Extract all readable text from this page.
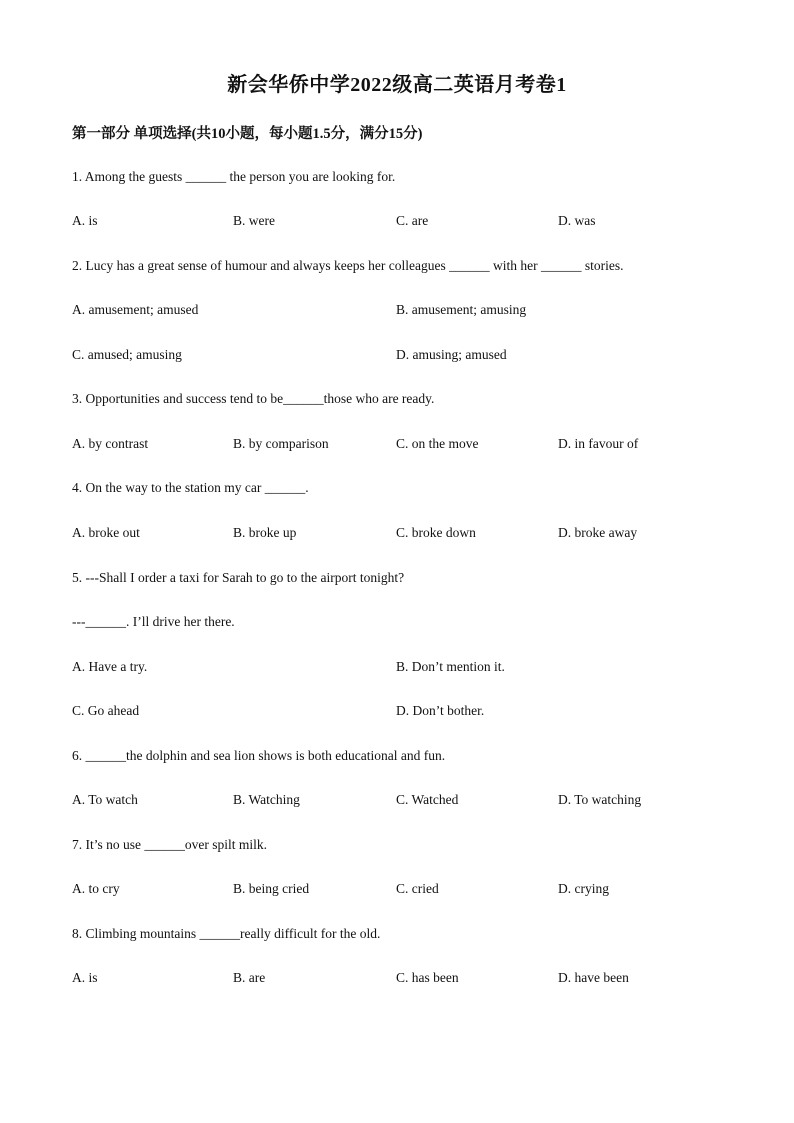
新会华侨中学2022级高二英语月考卷1
第一部分 单项选择(共10小题，每小题1.5分，满分15分)
1. Among the guests ______ the person you are looking for.
A. is	B. were	C. are	D. was
2. Lucy has a great sense of humour and always keeps her colleagues ______ with her ______ stories.
A. amusement; amused	B. amusement; amusing
C. amused; amusing	D. amusing; amused
3. Opportunities and success tend to be______those who are ready.
A. by contrast	B. by comparison	C. on the move	D. in favour of
4. On the way to the station my car ______.
A. broke out	B. broke up	C. broke down	D. broke away
5. ---Shall I order a taxi for Sarah to go to the airport tonight?
---______. I’ll drive her there.
A. Have a try.	B. Don’t mention it.
C. Go ahead	D. Don’t bother.
6. ______the dolphin and sea lion shows is both educational and fun.
A. To watch	B. Watching	C. Watched	D. To watching
7. It’s no use ______over spilt milk.
A. to cry	B. being cried	C. cried	D. crying
8. Climbing mountains ______really difficult for the old.
A. is	B. are	C. has been	D. have been
